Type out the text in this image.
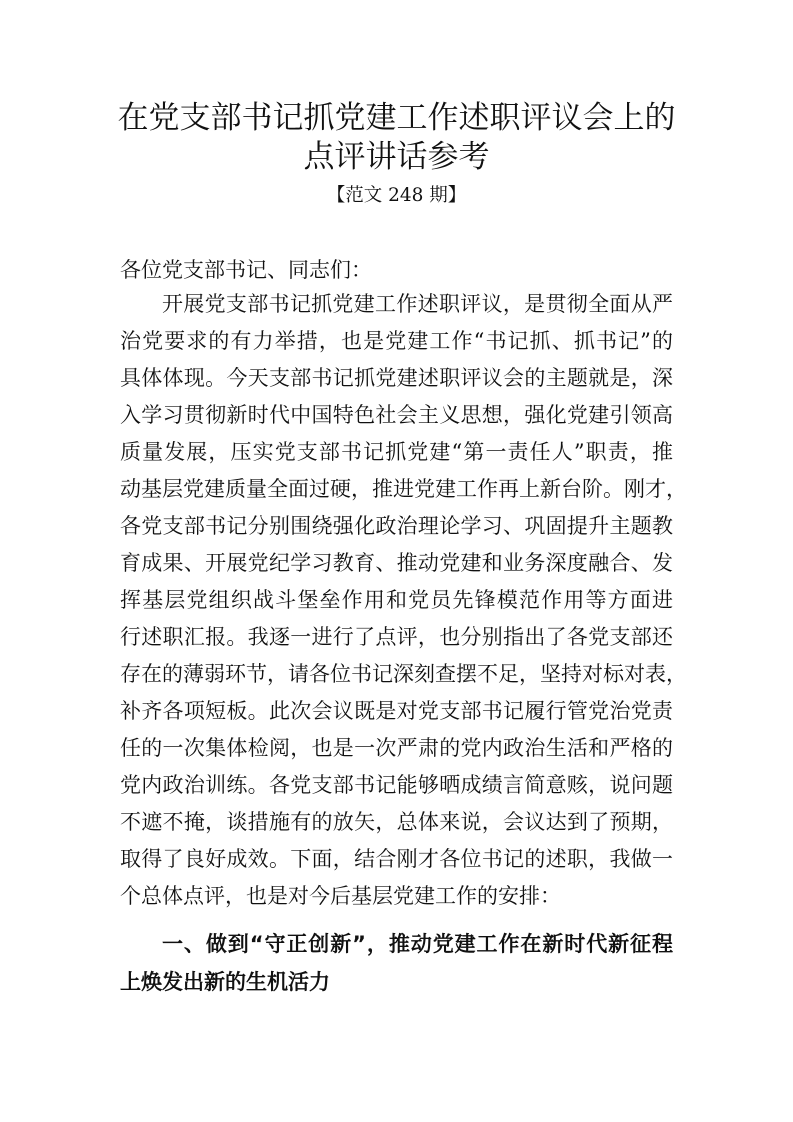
在党支部书记抓党建工作述职评议会上的
点评讲话参考
【范文 248 期】
各位党支部书记、同志们：
开展党支部书记抓党建工作述职评议，是贯彻全面从严
治党要求的有力举措，也是党建工作“书记抓、抓书记”的
具体体现。今天支部书记抓党建述职评议会的主题就是，深
入学习贯彻新时代中国特色社会主义思想，强化党建引领高
质量发展，压实党支部书记抓党建“第一责任人”职责，推
动基层党建质量全面过硬，推进党建工作再上新台阶。刚才，
各党支部书记分别围绕强化政治理论学习、巩固提升主题教
育成果、开展党纪学习教育、推动党建和业务深度融合、发
挥基层党组织战斗堡垒作用和党员先锋模范作用等方面进
行述职汇报。我逐一进行了点评，也分别指出了各党支部还
存在的薄弱环节，请各位书记深刻查摆不足，坚持对标对表，
补齐各项短板。此次会议既是对党支部书记履行管党治党责
任的一次集体检阅，也是一次严肃的党内政治生活和严格的
党内政治训练。各党支部书记能够晒成绩言简意赅，说问题
不遮不掩，谈措施有的放矢，总体来说，会议达到了预期，
取得了良好成效。下面，结合刚才各位书记的述职，我做一
个总体点评，也是对今后基层党建工作的安排：
一、做到“守正创新”，推动党建工作在新时代新征程
上焕发出新的生机活力
